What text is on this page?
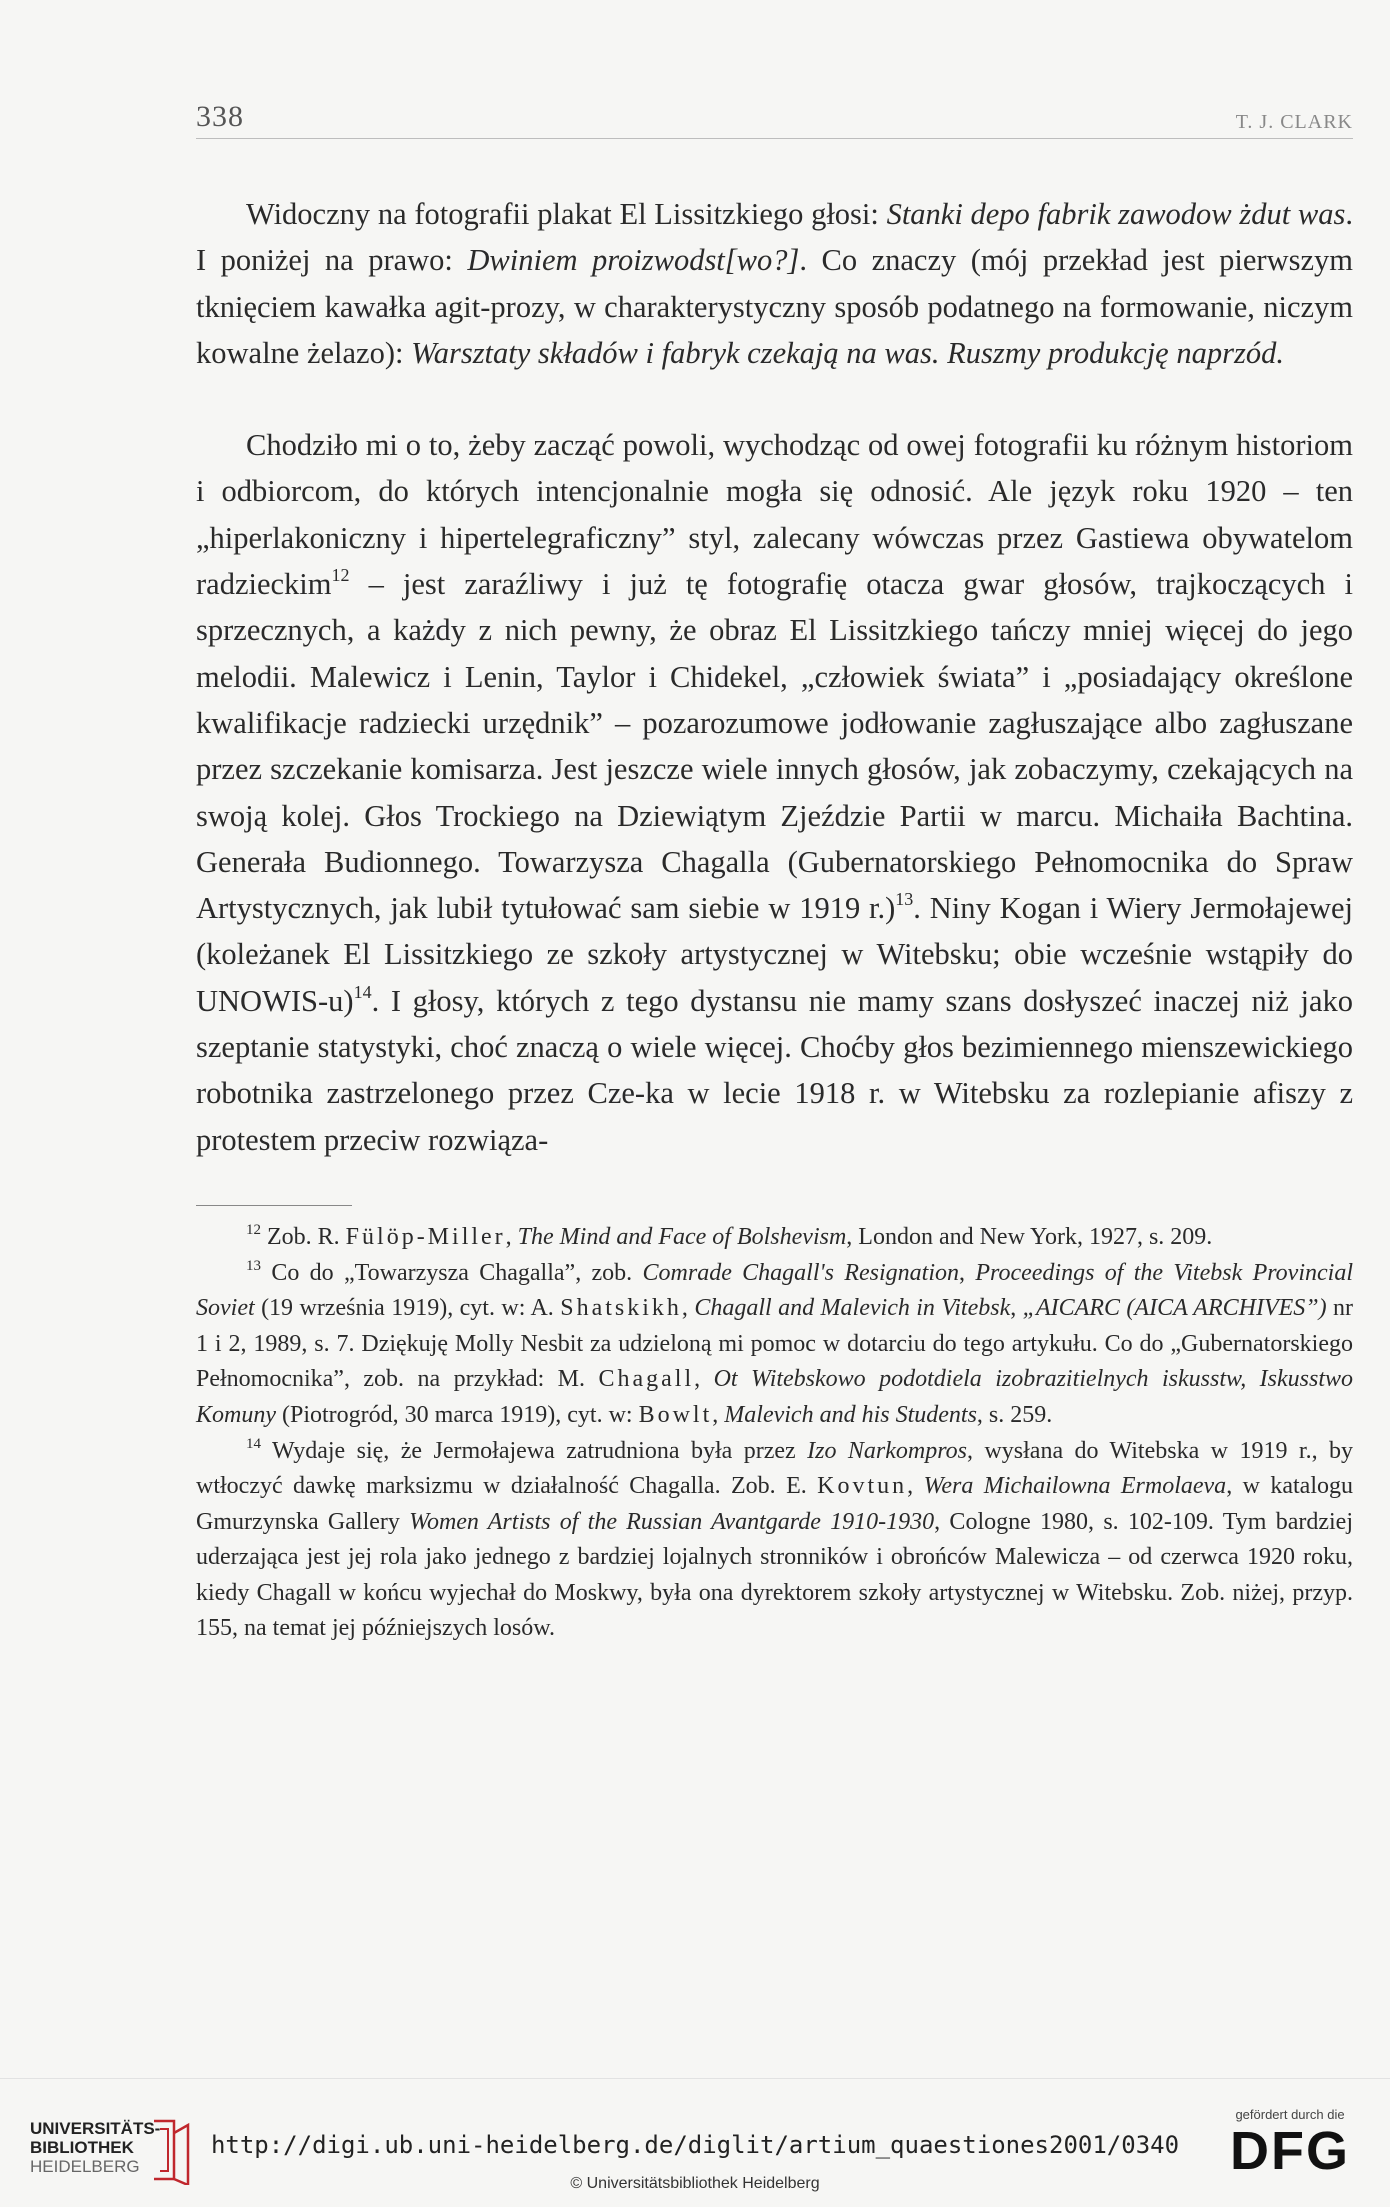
338	T. J. CLARK

Widoczny na fotografii plakat El Lissitzkiego głosi: Stanki depo fabrik zawodow żdut was. I poniżej na prawo: Dwiniem proizwodst[wo?]. Co znaczy (mój przekład jest pierwszym tknięciem kawałka agit-prozy, w charakterystyczny sposób podatnego na formowanie, niczym kowalne żelazo): Warsztaty składów i fabryk czekają na was. Ruszmy produkcję naprzód.

Chodziło mi o to, żeby zacząć powoli, wychodząc od owej fotografii ku różnym historiom i odbiorcom, do których intencjonalnie mogła się odnosić. Ale język roku 1920 – ten „hiperlakoniczny i hipertelegraficzny” styl, zalecany wówczas przez Gastiewa obywatelom radzieckim$^{12}$ – jest zaraźliwy i już tę fotografię otacza gwar głosów, trajkoczących i sprzecznych, a każdy z nich pewny, że obraz El Lissitzkiego tańczy mniej więcej do jego melodii. Malewicz i Lenin, Taylor i Chidekel, „człowiek świata” i „posiadający określone kwalifikacje radziecki urzędnik” – pozarozumowe jodłowanie zagłuszające albo zagłuszane przez szczekanie komisarza. Jest jeszcze wiele innych głosów, jak zobaczymy, czekających na swoją kolej. Głos Trockiego na Dziewiątym Zjeździe Partii w marcu. Michaiła Bachtina. Generała Budionnego. Towarzysza Chagalla (Gubernatorskiego Pełnomocnika do Spraw Artystycznych, jak lubił tytułować sam siebie w 1919 r.)$^{13}$. Niny Kogan i Wiery Jermołajewej (koleżanek El Lissitzkiego ze szkoły artystycznej w Witebsku; obie wcześnie wstąpiły do UNOWIS-u)$^{14}$. I głosy, których z tego dystansu nie mamy szans dosłyszeć inaczej niż jako szeptanie statystyki, choć znaczą o wiele więcej. Choćby głos bezimiennego mienszewickiego robotnika zastrzelonego przez Cze-ka w lecie 1918 r. w Witebsku za rozlepianie afiszy z protestem przeciw rozwiąza-

$^{12}$ Zob. R. Fülöp-Miller, The Mind and Face of Bolshevism, London and New York, 1927, s. 209.

$^{13}$ Co do „Towarzysza Chagalla”, zob. Comrade Chagall's Resignation, Proceedings of the Vitebsk Provincial Soviet (19 września 1919), cyt. w: A. Shatskikh, Chagall and Malevich in Vitebsk, „AICARC (AICA ARCHIVES”) nr 1 i 2, 1989, s. 7. Dziękuję Molly Nesbit za udzieloną mi pomoc w dotarciu do tego artykułu. Co do „Gubernatorskiego Pełnomocnika”, zob. na przykład: M. Chagall, Ot Witebskowo podotdiela izobrazitielnych iskusstw, Iskusstwo Komuny (Piotrogród, 30 marca 1919), cyt. w: Bowlt, Malevich and his Students, s. 259.

$^{14}$ Wydaje się, że Jermołajewa zatrudniona była przez Izo Narkompros, wysłana do Witebska w 1919 r., by wtłoczyć dawkę marksizmu w działalność Chagalla. Zob. E. Kovtun, Wera Michailowna Ermolaeva, w katalogu Gmurzynska Gallery Women Artists of the Russian Avantgarde 1910-1930, Cologne 1980, s. 102-109. Tym bardziej uderzająca jest jej rola jako jednego z bardziej lojalnych stronników i obrońców Malewicza – od czerwca 1920 roku, kiedy Chagall w końcu wyjechał do Moskwy, była ona dyrektorem szkoły artystycznej w Witebsku. Zob. niżej, przyp. 155, na temat jej późniejszych losów.

UNIVERSITÄTS-
BIBLIOTHEK
HEIDELBERG
http://digi.ub.uni-heidelberg.de/diglit/artium_quaestiones2001/0340
© Universitätsbibliothek Heidelberg
gefördert durch die
DFG
